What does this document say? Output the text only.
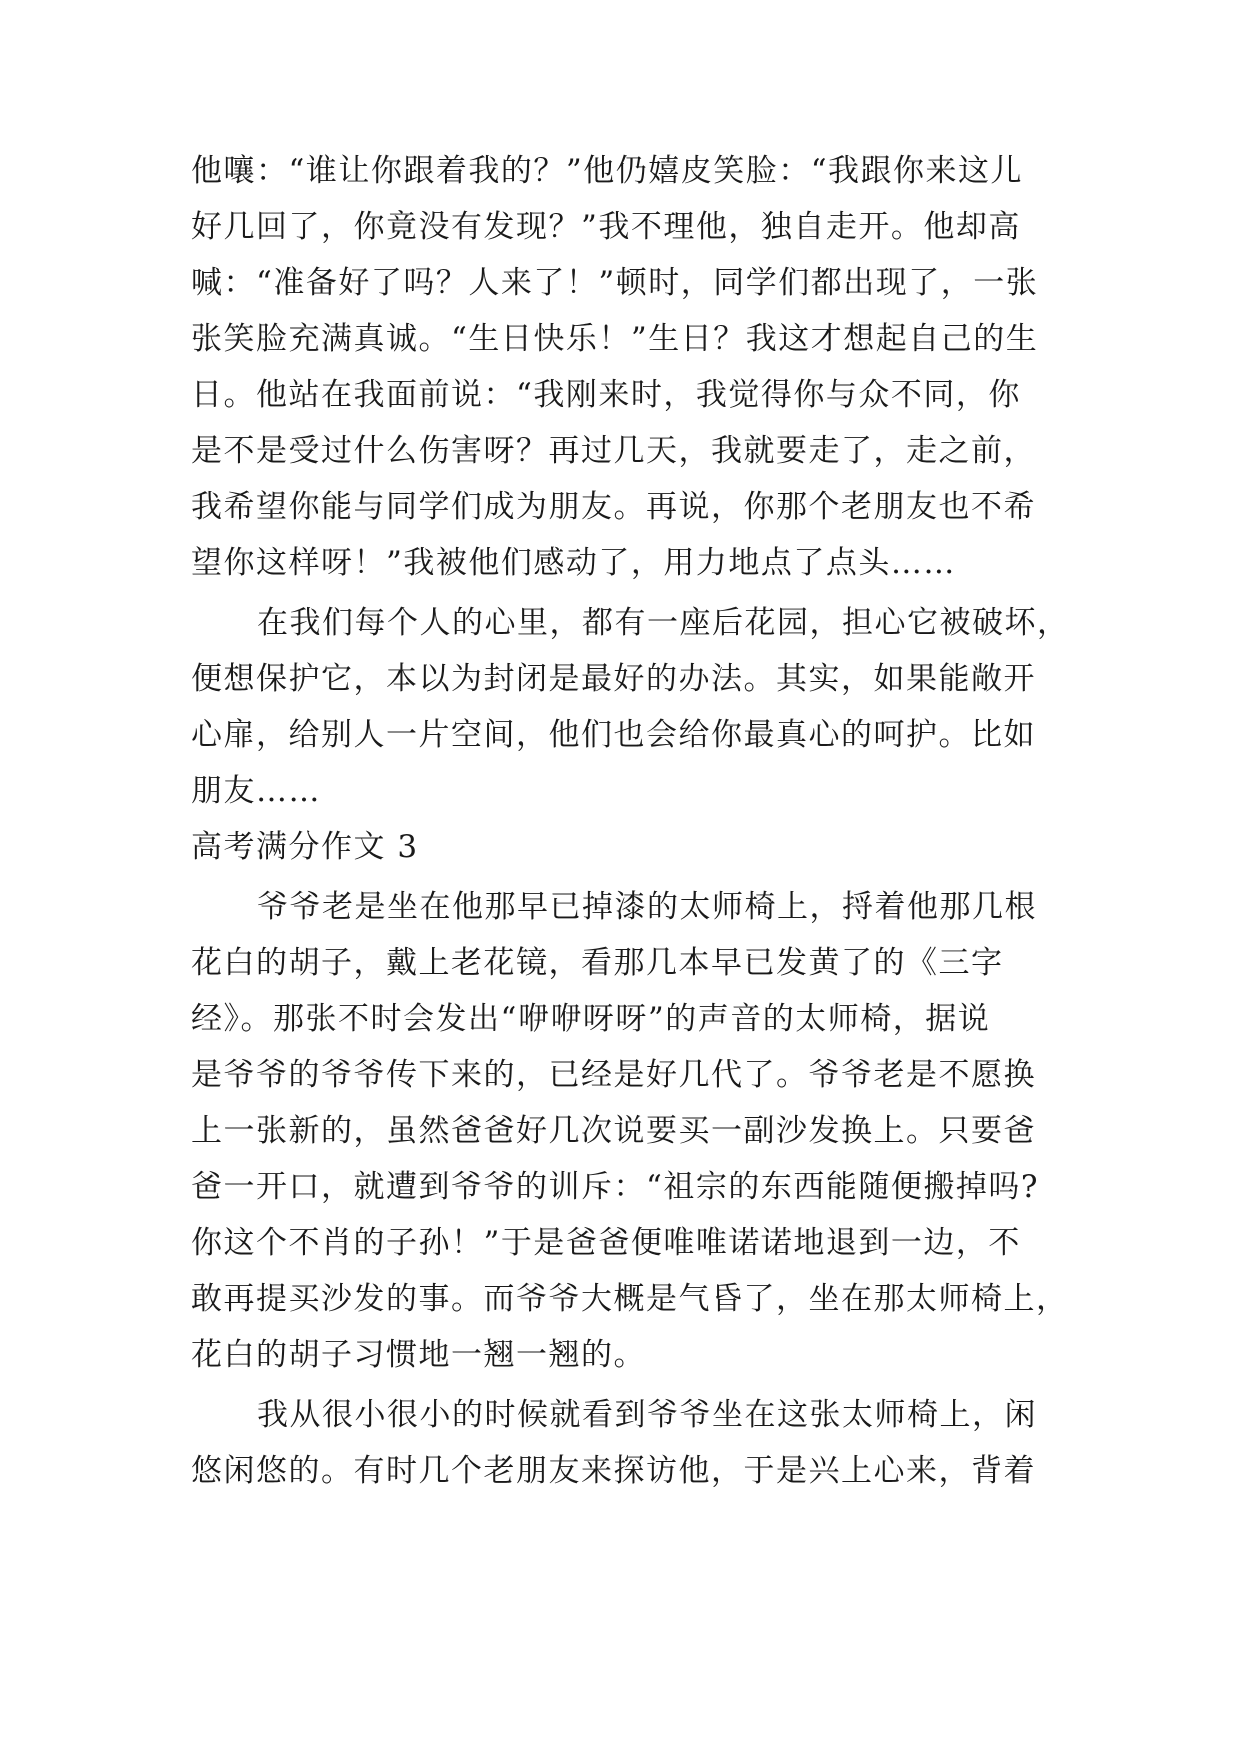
他嚷：“谁让你跟着我的？”他仍嬉皮笑脸：“我跟你来这儿
好几回了，你竟没有发现？”我不理他，独自走开。他却高
喊：“准备好了吗？人来了！”顿时，同学们都出现了，一张
张笑脸充满真诚。“生日快乐！”生日？我这才想起自己的生
日。他站在我面前说：“我刚来时，我觉得你与众不同，你
是不是受过什么伤害呀？再过几天，我就要走了，走之前，
我希望你能与同学们成为朋友。再说，你那个老朋友也不希
望你这样呀！”我被他们感动了，用力地点了点头……
在我们每个人的心里，都有一座后花园，担心它被破坏，
便想保护它，本以为封闭是最好的办法。其实，如果能敞开
心扉，给别人一片空间，他们也会给你最真心的呵护。比如
朋友……
高考满分作文 3
爷爷老是坐在他那早已掉漆的太师椅上，捋着他那几根
花白的胡子，戴上老花镜，看那几本早已发黄了的《三字
经》。那张不时会发出“咿咿呀呀”的声音的太师椅，据说
是爷爷的爷爷传下来的，已经是好几代了。爷爷老是不愿换
上一张新的，虽然爸爸好几次说要买一副沙发换上。只要爸
爸一开口，就遭到爷爷的训斥：“祖宗的东西能随便搬掉吗?
你这个不肖的子孙！”于是爸爸便唯唯诺诺地退到一边，不
敢再提买沙发的事。而爷爷大概是气昏了，坐在那太师椅上，
花白的胡子习惯地一翘一翘的。
我从很小很小的时候就看到爷爷坐在这张太师椅上，闲
悠闲悠的。有时几个老朋友来探访他，于是兴上心来，背着
